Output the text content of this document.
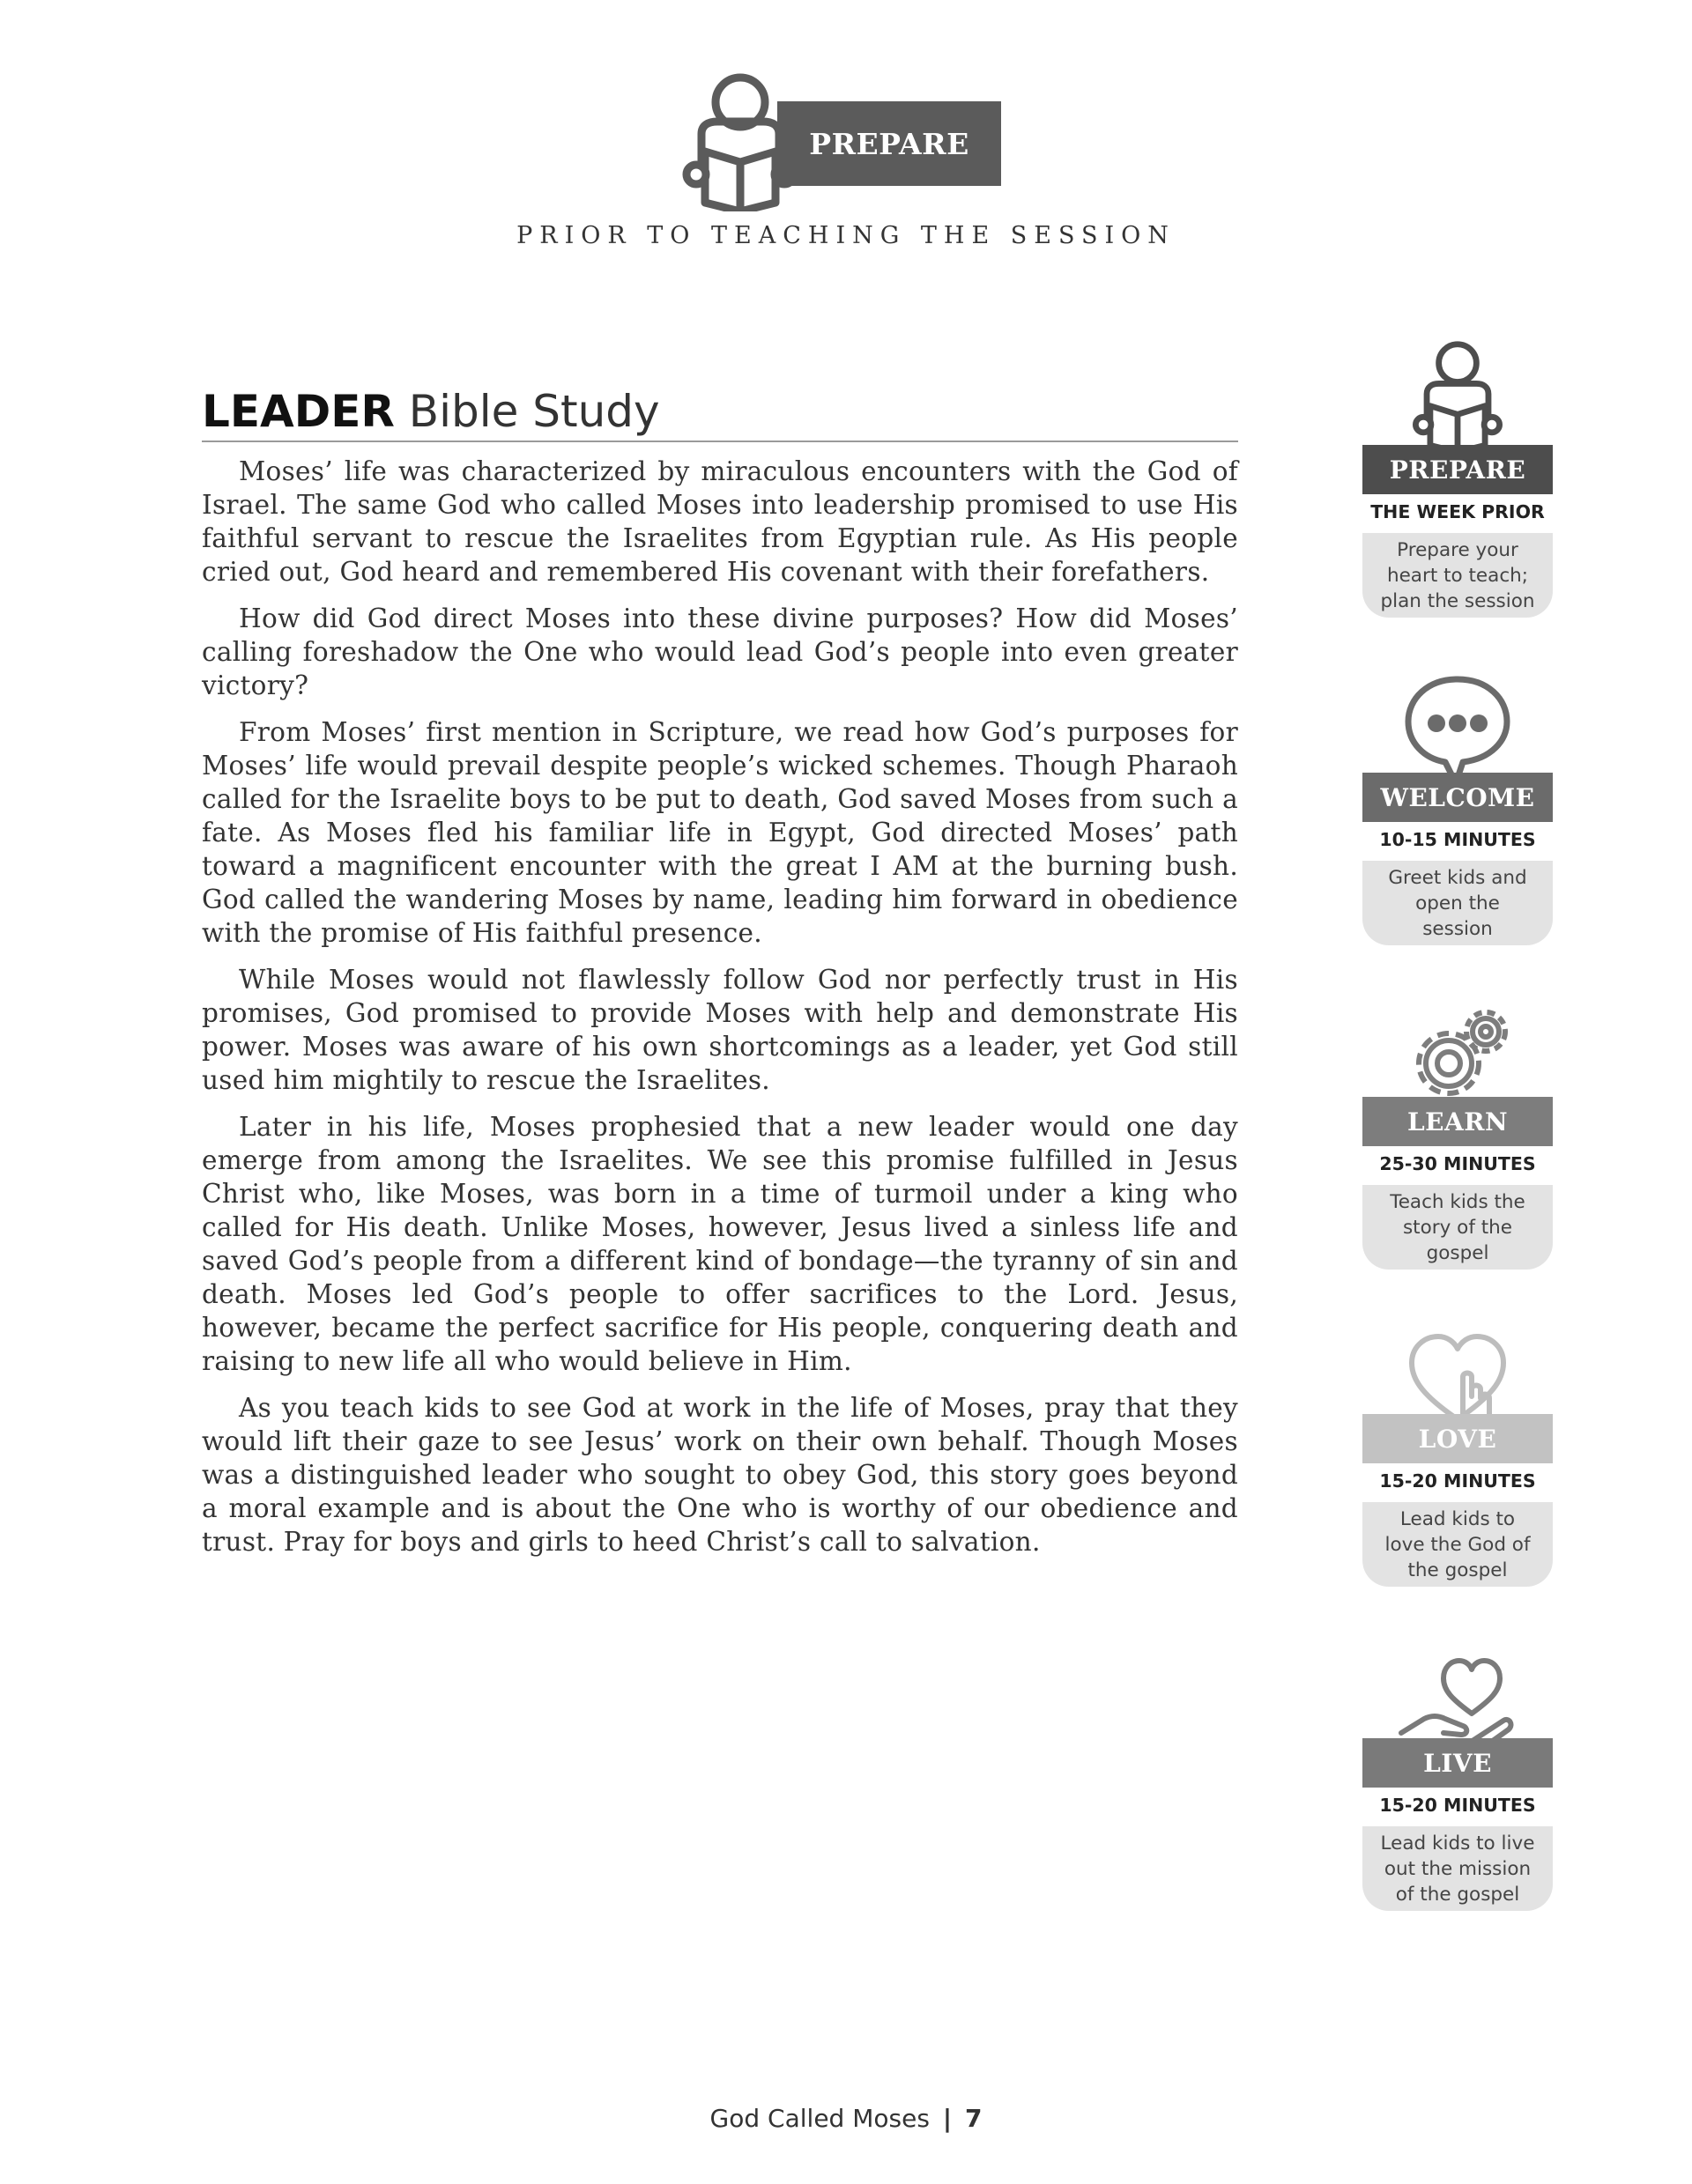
PREPARE
PRIOR TO TEACHING THE SESSION
LEADER Bible Study

Moses’ life was characterized by miraculous encounters with the God of Israel. The same God who called Moses into leadership promised to use His faithful servant to rescue the Israelites from Egyptian rule. As His people cried out, God heard and remembered His covenant with their forefathers.

How did God direct Moses into these divine purposes? How did Moses’ calling foreshadow the One who would lead God’s people into even greater victory?

From Moses’ first mention in Scripture, we read how God’s purposes for Moses’ life would prevail despite people’s wicked schemes. Though Pharaoh called for the Israelite boys to be put to death, God saved Moses from such a fate. As Moses fled his familiar life in Egypt, God directed Moses’ path toward a magnificent encounter with the great I AM at the burning bush. God called the wandering Moses by name, leading him forward in obedience with the promise of His faithful presence.

While Moses would not flawlessly follow God nor perfectly trust in His promises, God promised to provide Moses with help and demonstrate His power. Moses was aware of his own shortcomings as a leader, yet God still used him mightily to rescue the Israelites.

Later in his life, Moses prophesied that a new leader would one day emerge from among the Israelites. We see this promise fulfilled in Jesus Christ who, like Moses, was born in a time of turmoil under a king who called for His death. Unlike Moses, however, Jesus lived a sinless life and saved God’s people from a different kind of bondage—the tyranny of sin and death. Moses led God’s people to offer sacrifices to the Lord. Jesus, however, became the perfect sacrifice for His people, conquering death and raising to new life all who would believe in Him.

As you teach kids to see God at work in the life of Moses, pray that they would lift their gaze to see Jesus’ work on their own behalf. Though Moses was a distinguished leader who sought to obey God, this story goes beyond a moral example and is about the One who is worthy of our obedience and trust. Pray for boys and girls to heed Christ’s call to salvation.

PREPARE
THE WEEK PRIOR
Prepare your heart to teach; plan the session
WELCOME
10-15 MINUTES
Greet kids and open the session
LEARN
25-30 MINUTES
Teach kids the story of the gospel
LOVE
15-20 MINUTES
Lead kids to love the God of the gospel
LIVE
15-20 MINUTES
Lead kids to live out the mission of the gospel
God Called Moses | 7
